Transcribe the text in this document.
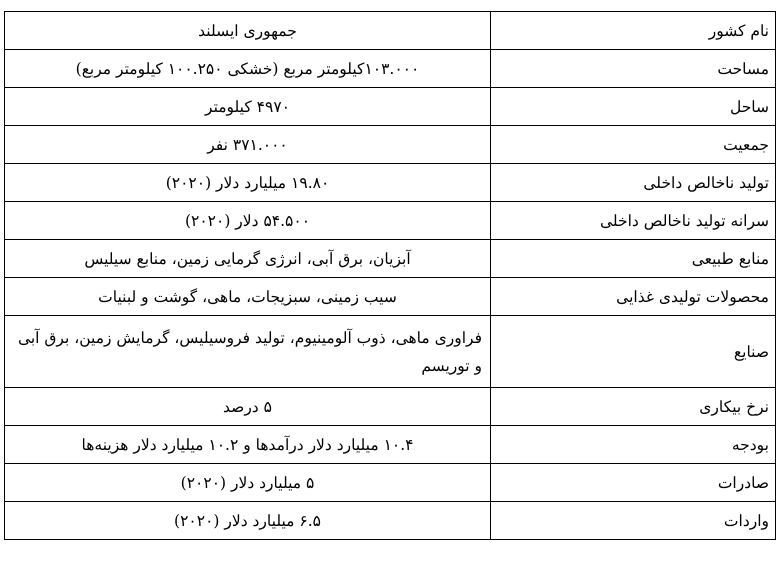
نام کشور	جمهوری ایسلند
مساحت	۱۰۳.۰۰۰کیلومتر مربع (خشکی ۱۰۰.۲۵۰ کیلومتر مربع)
ساحل	۴۹۷۰ کیلومتر
جمعیت	۳۷۱.۰۰۰ نفر
تولید ناخالص داخلی	۱۹.۸۰ میلیارد دلار (۲۰۲۰)
سرانه تولید ناخالص داخلی	۵۴.۵۰۰ دلار (۲۰۲۰)
منابع طبیعی	آبزیان، برق آبی، انرژی گرمایی زمین، منابع سیلیس
محصولات تولیدی غذایی	سیب زمینی، سبزیجات، ماهی، گوشت و لبنیات
صنایع	فراوری ماهی، ذوب آلومینیوم، تولید فروسیلیس، گرمایش زمین، برق آبی و توریسم
نرخ بیکاری	۵ درصد
بودجه	۱۰.۴ میلیارد دلار درآمدها و ۱۰.۲ میلیارد دلار هزینه‌ها
صادرات	۵ میلیارد دلار (۲۰۲۰)
واردات	۶.۵ میلیارد دلار (۲۰۲۰)
